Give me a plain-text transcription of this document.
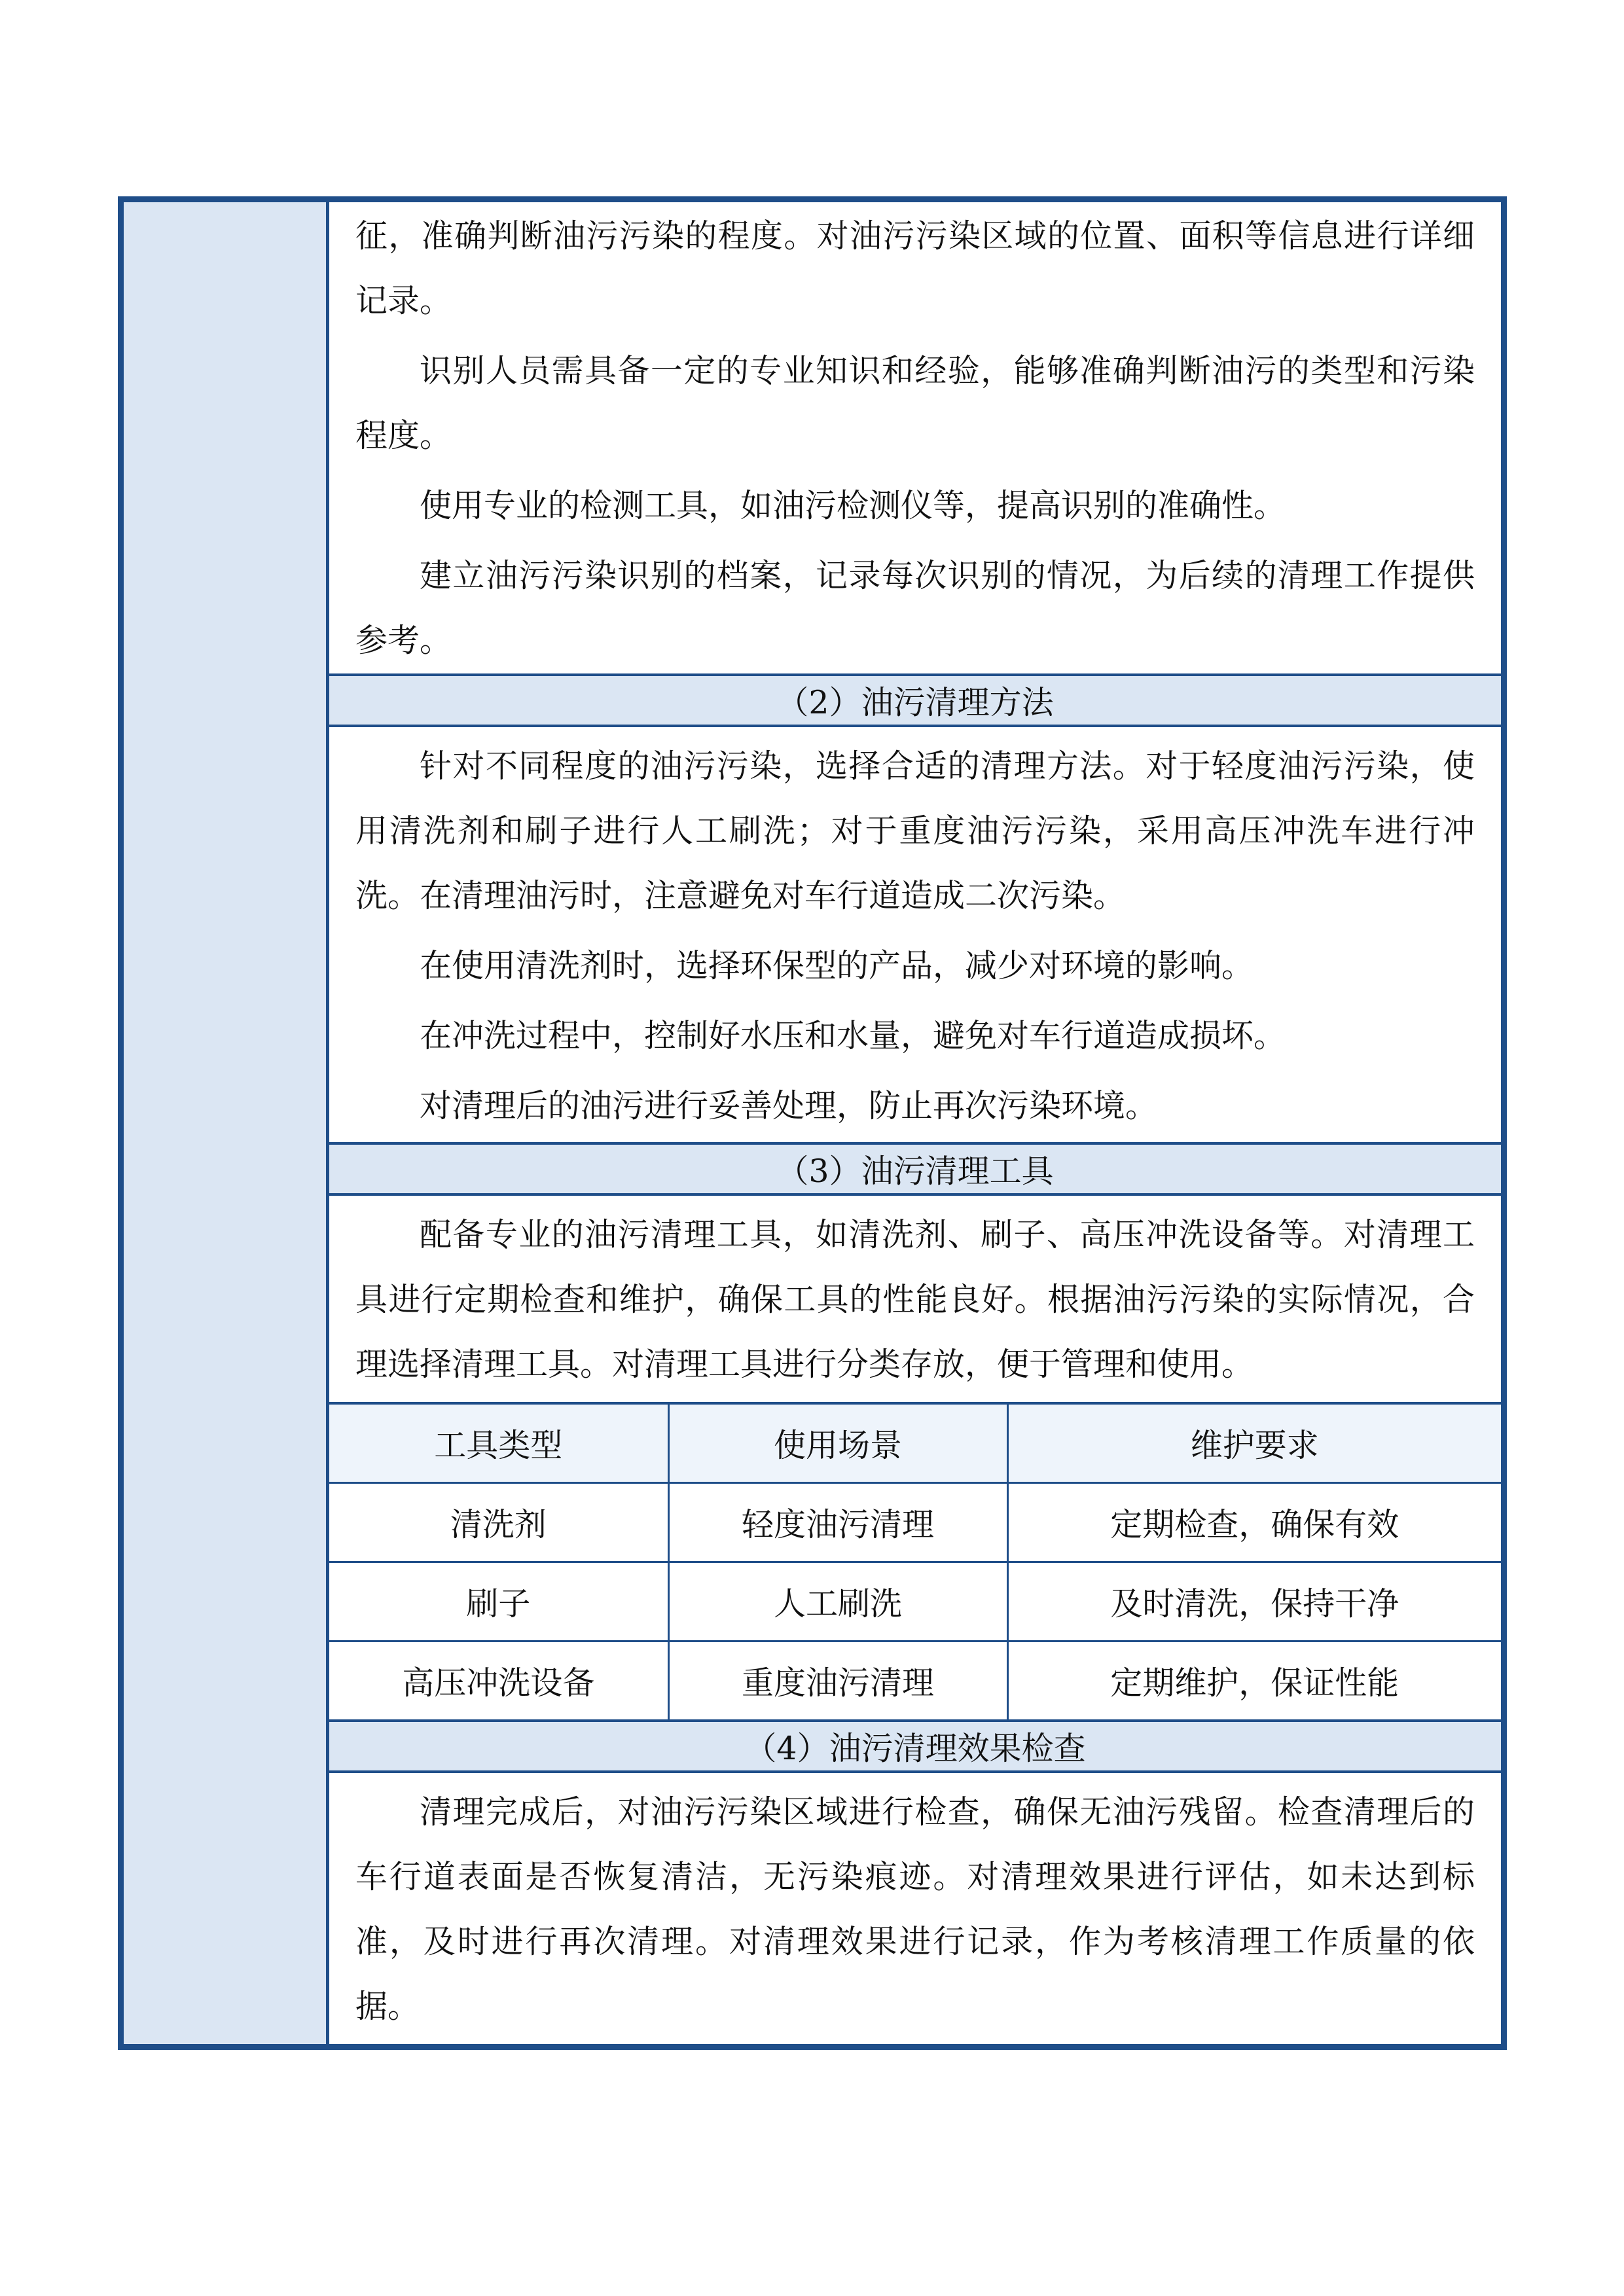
征，准确判断油污污染的程度。对油污污染区域的位置、面积等信息进行详细记录。

识别人员需具备一定的专业知识和经验，能够准确判断油污的类型和污染程度。

使用专业的检测工具，如油污检测仪等，提高识别的准确性。

建立油污污染识别的档案，记录每次识别的情况，为后续的清理工作提供参考。

（2）油污清理方法

针对不同程度的油污污染，选择合适的清理方法。对于轻度油污污染，使用清洗剂和刷子进行人工刷洗；对于重度油污污染，采用高压冲洗车进行冲洗。在清理油污时，注意避免对车行道造成二次污染。

在使用清洗剂时，选择环保型的产品，减少对环境的影响。

在冲洗过程中，控制好水压和水量，避免对车行道造成损坏。

对清理后的油污进行妥善处理，防止再次污染环境。

（3）油污清理工具

配备专业的油污清理工具，如清洗剂、刷子、高压冲洗设备等。对清理工具进行定期检查和维护，确保工具的性能良好。根据油污污染的实际情况，合理选择清理工具。对清理工具进行分类存放，便于管理和使用。

工具类型	使用场景	维护要求
清洗剂	轻度油污清理	定期检查，确保有效
刷子	人工刷洗	及时清洗，保持干净
高压冲洗设备	重度油污清理	定期维护，保证性能
（4）油污清理效果检查

清理完成后，对油污污染区域进行检查，确保无油污残留。检查清理后的车行道表面是否恢复清洁，无污染痕迹。对清理效果进行评估，如未达到标准，及时进行再次清理。对清理效果进行记录，作为考核清理工作质量的依据。
